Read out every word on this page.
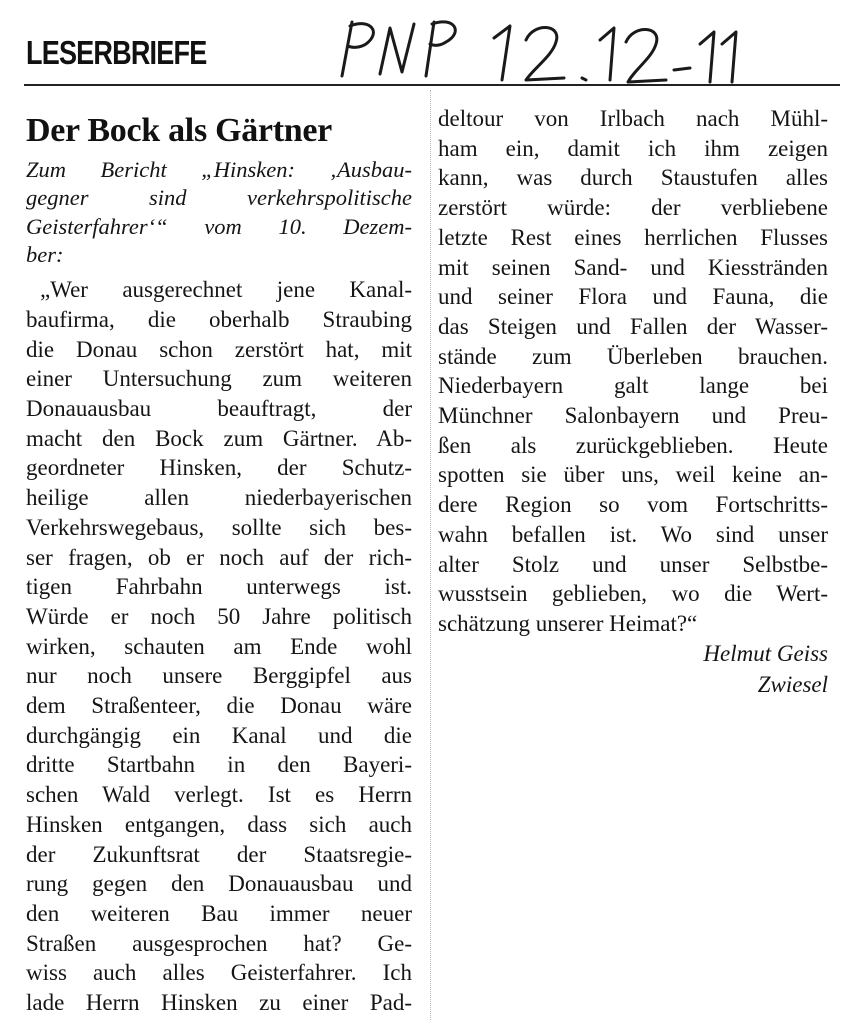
LESERBRIEFE
Der Bock als Gärtner
Zum Bericht „Hinsken: ‚Ausbau-
gegner sind verkehrspolitische
Geisterfahrer‘“ vom 10. Dezem-
ber:
„Wer ausgerechnet jene Kanal-
baufirma, die oberhalb Straubing
die Donau schon zerstört hat, mit
einer Untersuchung zum weiteren
Donauausbau beauftragt, der
macht den Bock zum Gärtner. Ab-
geordneter Hinsken, der Schutz-
heilige allen niederbayerischen
Verkehrswegebaus, sollte sich bes-
ser fragen, ob er noch auf der rich-
tigen Fahrbahn unterwegs ist.
Würde er noch 50 Jahre politisch
wirken, schauten am Ende wohl
nur noch unsere Berggipfel aus
dem Straßenteer, die Donau wäre
durchgängig ein Kanal und die
dritte Startbahn in den Bayeri-
schen Wald verlegt. Ist es Herrn
Hinsken entgangen, dass sich auch
der Zukunftsrat der Staatsregie-
rung gegen den Donauausbau und
den weiteren Bau immer neuer
Straßen ausgesprochen hat? Ge-
wiss auch alles Geisterfahrer. Ich
lade Herrn Hinsken zu einer Pad-
deltour von Irlbach nach Mühl-
ham ein, damit ich ihm zeigen
kann, was durch Staustufen alles
zerstört würde: der verbliebene
letzte Rest eines herrlichen Flusses
mit seinen Sand- und Kiesstränden
und seiner Flora und Fauna, die
das Steigen und Fallen der Wasser-
stände zum Überleben brauchen.
Niederbayern galt lange bei
Münchner Salonbayern und Preu-
ßen als zurückgeblieben. Heute
spotten sie über uns, weil keine an-
dere Region so vom Fortschritts-
wahn befallen ist. Wo sind unser
alter Stolz und unser Selbstbe-
wusstsein geblieben, wo die Wert-
schätzung unserer Heimat?“
Helmut Geiss
Zwiesel
